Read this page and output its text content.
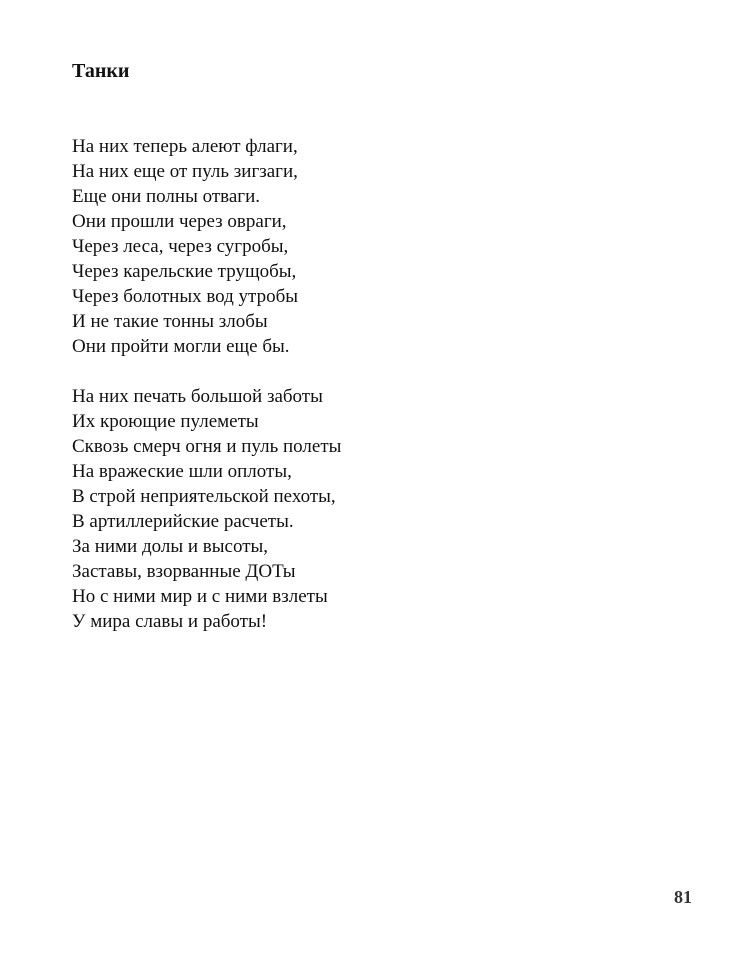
Танки

На них теперь алеют флаги,
На них еще от пуль зигзаги,
Еще они полны отваги.
Они прошли через овраги,
Через леса, через сугробы,
Через карельские трущобы,
Через болотных вод утробы
И не такие тонны злобы
Они пройти могли еще бы.

На них печать большой заботы
Их кроющие пулеметы
Сквозь смерч огня и пуль полеты
На вражеские шли оплоты,
В строй неприятельской пехоты,
В артиллерийские расчеты.
За ними долы и высоты,
Заставы, взорванные ДОТы
Но с ними мир и с ними взлеты
У мира славы и работы!

81
